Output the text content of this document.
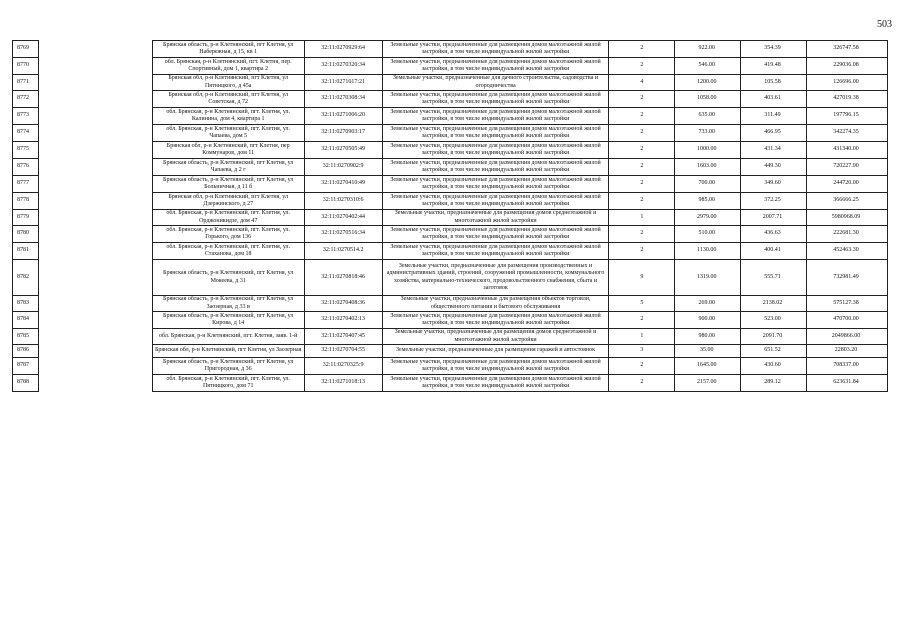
503
8769		Брянская область, р-н Клетнянский, пгт Клетня, ул Набережная, д 15, кв 1	32:11:0270929:64	Земельные участки, предназначенные для размещения домов малоэтажной жилой застройки, в том числе индивидуальной жилой застройки	2	922.00	354.39	326747.58
8770		обл. Брянская, р-н Клетнянский, пгт. Клетня, пер. Спортивный, дом 1, квартира 2	32:11:0270320:34	Земельные участки, предназначенные для размещения домов малоэтажной жилой застройки, в том числе индивидуальной жилой застройки	2	546.00	419.48	229036.08
8771		Брянская обл, р-н Клетнянский, пгт Клетня, ул Пятницкого, д 45а	32:11:0271017:21	Земельные участки, предназначенные для дачного строительства, садоводства и огородничества	4	1200.00	105.58	126696.00
8772		Брянская обл, р-н Клетнянский, пгт Клетня, ул Советская, д 72	32:11:0270308:34	Земельные участки, предназначенные для размещения домов малоэтажной жилой застройки, в том числе индивидуальной жилой застройки	2	1058.00	403.61	427019.38
8773		обл. Брянская, р-н Клетнянский, пгт. Клетня, ул. Калинина, дом 4, квартира 1	32:11:0271006:20	Земельные участки, предназначенные для размещения домов малоэтажной жилой застройки, в том числе индивидуальной жилой застройки	2	635.00	311.49	197796.15
8774		обл. Брянская, р-н Клетнянский, пгт. Клетня, ул. Чапаева, дом 5	32:11:0270903:17	Земельные участки, предназначенные для размещения домов малоэтажной жилой застройки, в том числе индивидуальной жилой застройки	2	733.00	466.95	342274.35
8775		Брянская обл, р-н Клетнянский, пгт Клетня, пер Коммунаров, дом 11	32:11:0270505:49	Земельные участки, предназначенные для размещения домов малоэтажной жилой застройки, в том числе индивидуальной жилой застройки	2	1000.00	431.34	431340.00
8776		Брянская область, р-н Клетнянский, пгт Клетня, ул Чапаева, д 2 г	32:11:0270902:9	Земельные участки, предназначенные для размещения домов малоэтажной жилой застройки, в том числе индивидуальной жилой застройки	2	1603.00	449.30	720227.90
8777		Брянская область, р-н Клетнянский, пгт Клетня, ул Больничная, д 11 б	32:11:0270410:49	Земельные участки, предназначенные для размещения домов малоэтажной жилой застройки, в том числе индивидуальной жилой застройки	2	700.00	349.60	244720.00
8778		Брянская обл, р-н Клетнянский, пгт Клетня, ул Дзержинского, д 27	32:11:0270310:6	Земельные участки, предназначенные для размещения домов малоэтажной жилой застройки, в том числе индивидуальной жилой застройки	2	985.00	372.25	366666.25
8779		обл. Брянская, р-н Клетнянский, пгт. Клетня, ул. Орджоникидзе, дом 47	32:11:0270402:44	Земельные участки, предназначенные для размещения домов среднеэтажной и многоэтажной жилой застройки	1	2979.00	2007.71	5980968.09
8780		обл. Брянская, р-н Клетнянский, пгт. Клетня, ул. Горького, дом 136	32:11:0270516:34	Земельные участки, предназначенные для размещения домов малоэтажной жилой застройки, в том числе индивидуальной жилой застройки	2	510.00	436.63	222681.30
8781		обл. Брянская, р-н Клетнянский, пгт. Клетня, ул. Стаханова, дом 18	32:11:0270514.2	Земельные участки, предназначенные для размещения домов малоэтажной жилой застройки, в том числе индивидуальной жилой застройки	2	1130.00	400.41	452463.30
8782		Брянская область, р-н Клетнянский, пгт Клетня, ул Мокеева, д 31	32:11:0270818:46	Земельные участки, предназначенные для размещения производственных и административных зданий, строений, сооружений промышленности, коммунального хозяйства, материально-технического, продовольственного снабжения, сбыта и заготовок	9	1319.00	555.71	732981.49
8783		Брянская область, р-н Клетнянский, пгт Клетня, ул Заозерная, д 33 в	32:11:0270408:36	Земельные участки, предназначенные для размещения объектов торговли, общественного питания и бытового обслуживания	5	269.00	2138.02	575127.38
8784		Брянская область, р-н Клетнянский, пгт Клетня, ул Кирова, д 14	32:11:0270402:13	Земельные участки, предназначенные для размещения домов малоэтажной жилой застройки, в том числе индивидуальной жилой застройки	2	900.00	523.00	470700.00
8785		обл. Брянская, р-н Клетнянский, пгт. Клетня, заяв. 1-й	32:11:0270407:45	Земельные участки, предназначенные для размещения домов среднеэтажной и многоэтажной жилой застройки	1	980.00	2091.70	2049866.00
8786		Брянская обл, р-н Клетнянский, пгт Клетня, ул Заозерная	32:11:0270704:55	Земельные участки, предназначенные для размещения гаражей и автостоянок	3	35.00	651.52	22803.20
8787		Брянская область, р-н Клетнянский, пгт Клетня, ул Пригородная, д 36	32:11:0270325:9	Земельные участки, предназначенные для размещения домов малоэтажной жилой застройки, в том числе индивидуальной жилой застройки	2	1645.00	430.60	708337.00
8788		обл. Брянская, р-н Клетнянский, пгт. Клетня, ул. Пятницкого, дом 71	32:11:0271018:13	Земельные участки, предназначенные для размещения домов малоэтажной жилой застройки, в том числе индивидуальной жилой застройки	2	2157.00	289.12	623631.84
